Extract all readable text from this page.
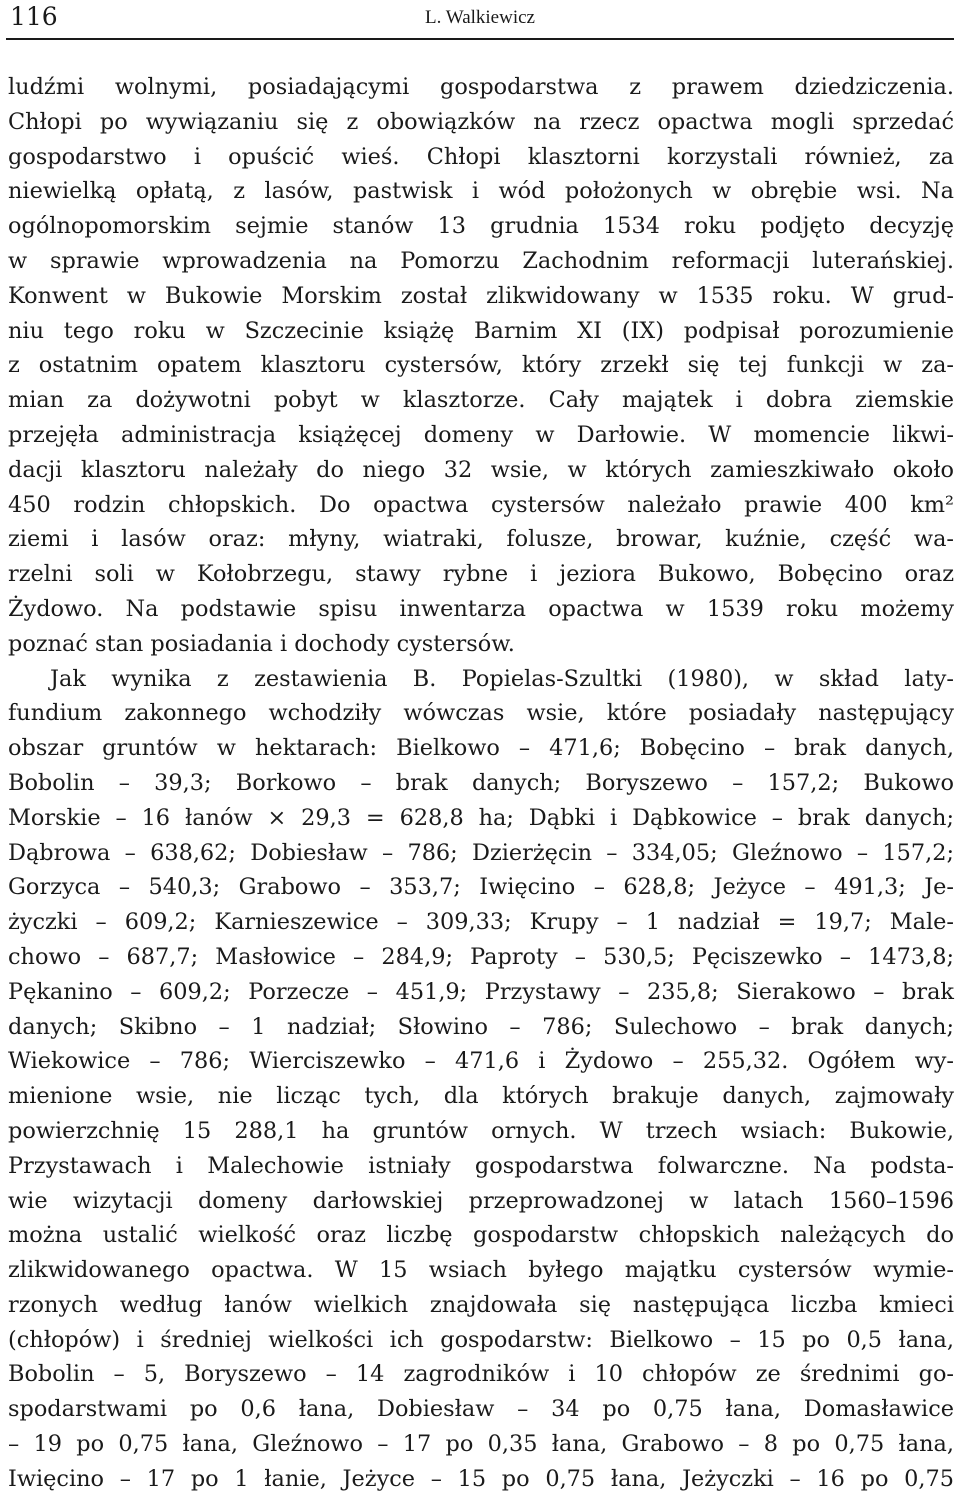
116	L. Walkiewicz
ludźmi wolnymi, posiadającymi gospodarstwa z prawem dziedziczenia.
Chłopi po wywiązaniu się z obowiązków na rzecz opactwa mogli sprzedać
gospodarstwo i opuścić wieś. Chłopi klasztorni korzystali również, za
niewielką opłatą, z lasów, pastwisk i wód położonych w obrębie wsi. Na
ogólnopomorskim sejmie stanów 13 grudnia 1534 roku podjęto decyzję
w sprawie wprowadzenia na Pomorzu Zachodnim reformacji luterańskiej.
Konwent w Bukowie Morskim został zlikwidowany w 1535 roku. W grud-
niu tego roku w Szczecinie książę Barnim XI (IX) podpisał porozumienie
z ostatnim opatem klasztoru cystersów, który zrzekł się tej funkcji w za-
mian za dożywotni pobyt w klasztorze. Cały majątek i dobra ziemskie
przejęła administracja książęcej domeny w Darłowie. W momencie likwi-
dacji klasztoru należały do niego 32 wsie, w których zamieszkiwało około
450 rodzin chłopskich. Do opactwa cystersów należało prawie 400 km²
ziemi i lasów oraz: młyny, wiatraki, folusze, browar, kuźnie, część wa-
rzelni soli w Kołobrzegu, stawy rybne i jeziora Bukowo, Bobęcino oraz
Żydowo. Na podstawie spisu inwentarza opactwa w 1539 roku możemy
poznać stan posiadania i dochody cystersów.
Jak wynika z zestawienia B. Popielas-Szultki (1980), w skład laty-
fundium zakonnego wchodziły wówczas wsie, które posiadały następujący
obszar gruntów w hektarach: Bielkowo – 471,6; Bobęcino – brak danych,
Bobolin – 39,3; Borkowo – brak danych; Boryszewo – 157,2; Bukowo
Morskie – 16 łanów × 29,3 = 628,8 ha; Dąbki i Dąbkowice – brak danych;
Dąbrowa – 638,62; Dobiesław – 786; Dzierżęcin – 334,05; Gleźnowo – 157,2;
Gorzyca – 540,3; Grabowo – 353,7; Iwięcino – 628,8; Jeżyce – 491,3; Je-
życzki – 609,2; Karnieszewice – 309,33; Krupy – 1 nadział = 19,7; Male-
chowo – 687,7; Masłowice – 284,9; Paproty – 530,5; Pęciszewko – 1473,8;
Pękanino – 609,2; Porzecze – 451,9; Przystawy – 235,8; Sierakowo – brak
danych; Skibno – 1 nadział; Słowino – 786; Sulechowo – brak danych;
Wiekowice – 786; Wierciszewko – 471,6 i Żydowo – 255,32. Ogółem wy-
mienione wsie, nie licząc tych, dla których brakuje danych, zajmowały
powierzchnię 15 288,1 ha gruntów ornych. W trzech wsiach: Bukowie,
Przystawach i Malechowie istniały gospodarstwa folwarczne. Na podsta-
wie wizytacji domeny darłowskiej przeprowadzonej w latach 1560–1596
można ustalić wielkość oraz liczbę gospodarstw chłopskich należących do
zlikwidowanego opactwa. W 15 wsiach byłego majątku cystersów wymie-
rzonych według łanów wielkich znajdowała się następująca liczba kmieci
(chłopów) i średniej wielkości ich gospodarstw: Bielkowo – 15 po 0,5 łana,
Bobolin – 5, Boryszewo – 14 zagrodników i 10 chłopów ze średnimi go-
spodarstwami po 0,6 łana, Dobiesław – 34 po 0,75 łana, Domasławice
– 19 po 0,75 łana, Gleźnowo – 17 po 0,35 łana, Grabowo – 8 po 0,75 łana,
Iwięcino – 17 po 1 łanie, Jeżyce – 15 po 0,75 łana, Jeżyczki – 16 po 0,75
